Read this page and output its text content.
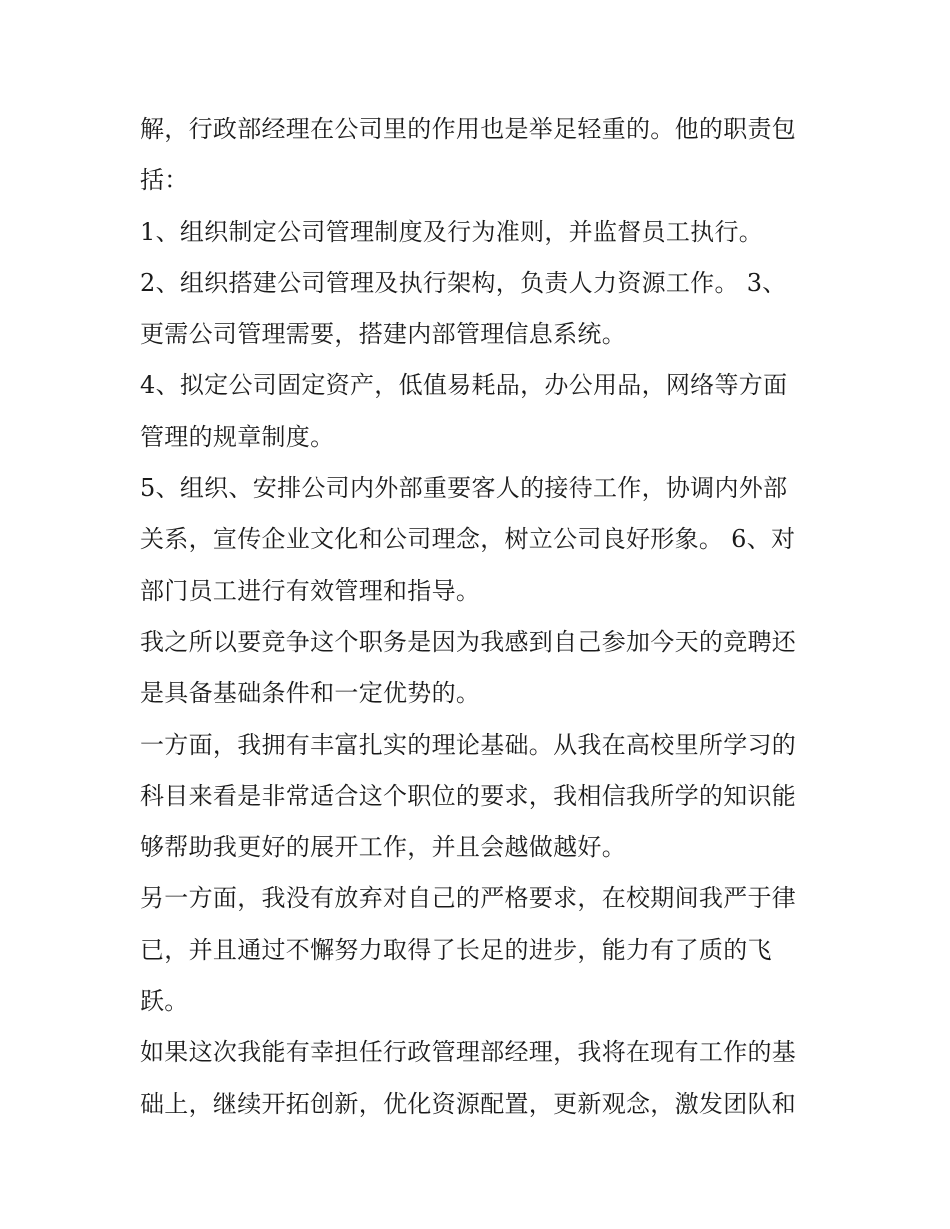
解，行政部经理在公司里的作用也是举足轻重的。他的职责包
括：
1、组织制定公司管理制度及行为准则，并监督员工执行。
2、组织搭建公司管理及执行架构，负责人力资源工作。 3、
更需公司管理需要，搭建内部管理信息系统。
4、拟定公司固定资产，低值易耗品，办公用品，网络等方面
管理的规章制度。
5、组织、安排公司内外部重要客人的接待工作，协调内外部
关系，宣传企业文化和公司理念，树立公司良好形象。 6、对
部门员工进行有效管理和指导。
我之所以要竞争这个职务是因为我感到自己参加今天的竞聘还
是具备基础条件和一定优势的。
一方面，我拥有丰富扎实的理论基础。从我在高校里所学习的
科目来看是非常适合这个职位的要求，我相信我所学的知识能
够帮助我更好的展开工作，并且会越做越好。
另一方面，我没有放弃对自己的严格要求，在校期间我严于律
已，并且通过不懈努力取得了长足的进步，能力有了质的飞
跃。
如果这次我能有幸担任行政管理部经理，我将在现有工作的基
础上，继续开拓创新，优化资源配置，更新观念，激发团队和
